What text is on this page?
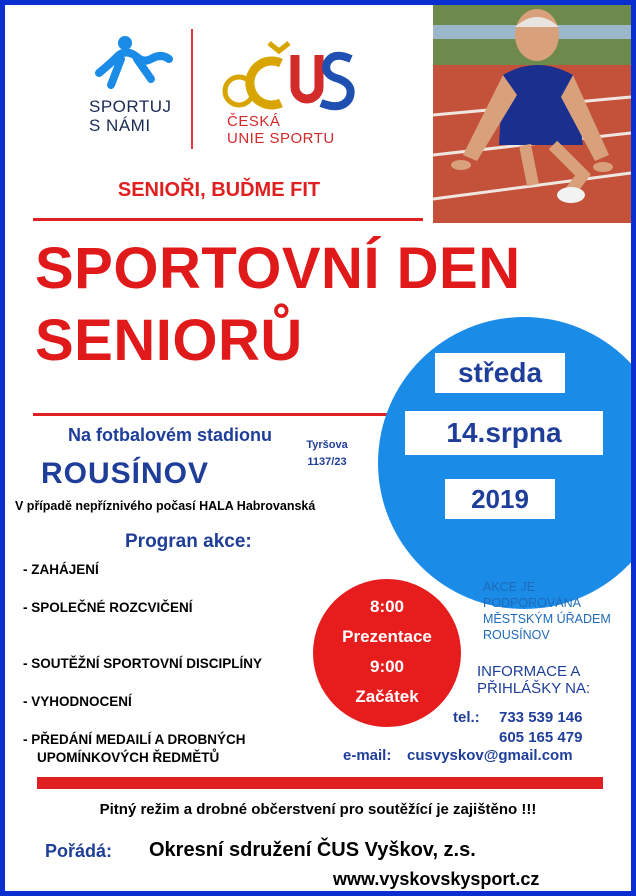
SPORTUJ
S NÁMI	ČESKÁ
UNIE SPORTU
SENIOŘI, BUĎME FIT
SPORTOVNÍ DEN
SENIORŮ	středa
14.srpna
2019
Na fotbalovém stadionu	Tyršova
1137/23
ROUSÍNOV
V případě nepříznivého počasí HALA Habrovanská
Progran akce:
- ZAHÁJENÍ
- SPOLEČNÉ ROZCVIČENÍ
- SOUTĚŽNÍ SPORTOVNÍ DISCIPLÍNY
- VYHODNOCENÍ
- PŘEDÁNÍ MEDAILÍ A DROBNÝCH
UPOMÍNKOVÝCH ŘEDMĚTŮ
8:00
Prezentace
9:00
Začátek
AKCE JE
PODPOROVÁNA
MĚSTSKÝM ÚŘADEM
ROUSÍNOV
INFORMACE A
PŘIHLÁŠKY NA:
tel.: 733 539 146
605 165 479
e-mail: cusvyskov@gmail.com
Pitný režim a drobné občerstvení pro soutěžící je zajištěno !!!
Pořádá: Okresní sdružení ČUS Vyškov, z.s.
www.vyskovskysport.cz
